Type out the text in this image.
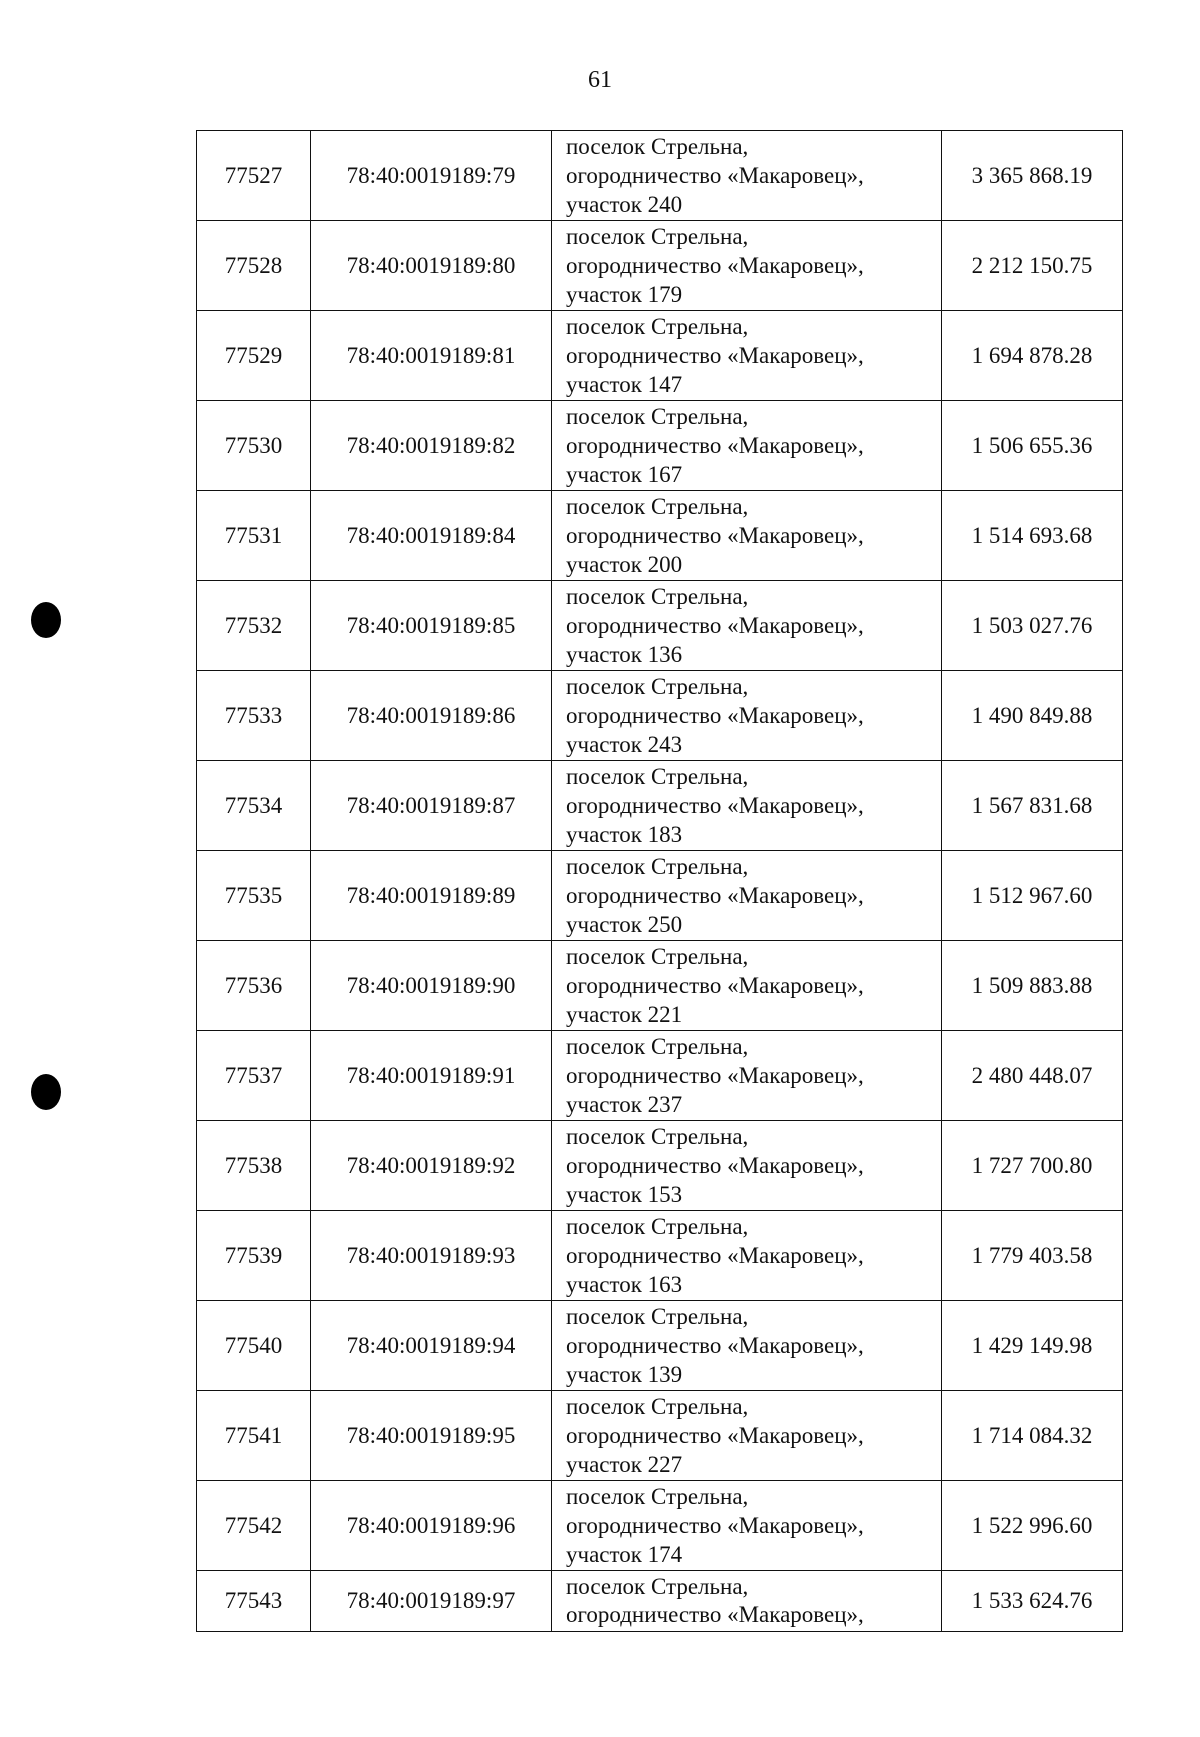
61
77527	78:40:0019189:79	поселок Стрельна,
огородничество «Макаровец»,
участок 240	3 365 868.19
77528	78:40:0019189:80	поселок Стрельна,
огородничество «Макаровец»,
участок 179	2 212 150.75
77529	78:40:0019189:81	поселок Стрельна,
огородничество «Макаровец»,
участок 147	1 694 878.28
77530	78:40:0019189:82	поселок Стрельна,
огородничество «Макаровец»,
участок 167	1 506 655.36
77531	78:40:0019189:84	поселок Стрельна,
огородничество «Макаровец»,
участок 200	1 514 693.68
77532	78:40:0019189:85	поселок Стрельна,
огородничество «Макаровец»,
участок 136	1 503 027.76
77533	78:40:0019189:86	поселок Стрельна,
огородничество «Макаровец»,
участок 243	1 490 849.88
77534	78:40:0019189:87	поселок Стрельна,
огородничество «Макаровец»,
участок 183	1 567 831.68
77535	78:40:0019189:89	поселок Стрельна,
огородничество «Макаровец»,
участок 250	1 512 967.60
77536	78:40:0019189:90	поселок Стрельна,
огородничество «Макаровец»,
участок 221	1 509 883.88
77537	78:40:0019189:91	поселок Стрельна,
огородничество «Макаровец»,
участок 237	2 480 448.07
77538	78:40:0019189:92	поселок Стрельна,
огородничество «Макаровец»,
участок 153	1 727 700.80
77539	78:40:0019189:93	поселок Стрельна,
огородничество «Макаровец»,
участок 163	1 779 403.58
77540	78:40:0019189:94	поселок Стрельна,
огородничество «Макаровец»,
участок 139	1 429 149.98
77541	78:40:0019189:95	поселок Стрельна,
огородничество «Макаровец»,
участок 227	1 714 084.32
77542	78:40:0019189:96	поселок Стрельна,
огородничество «Макаровец»,
участок 174	1 522 996.60
77543	78:40:0019189:97	поселок Стрельна,
огородничество «Макаровец»,	1 533 624.76
